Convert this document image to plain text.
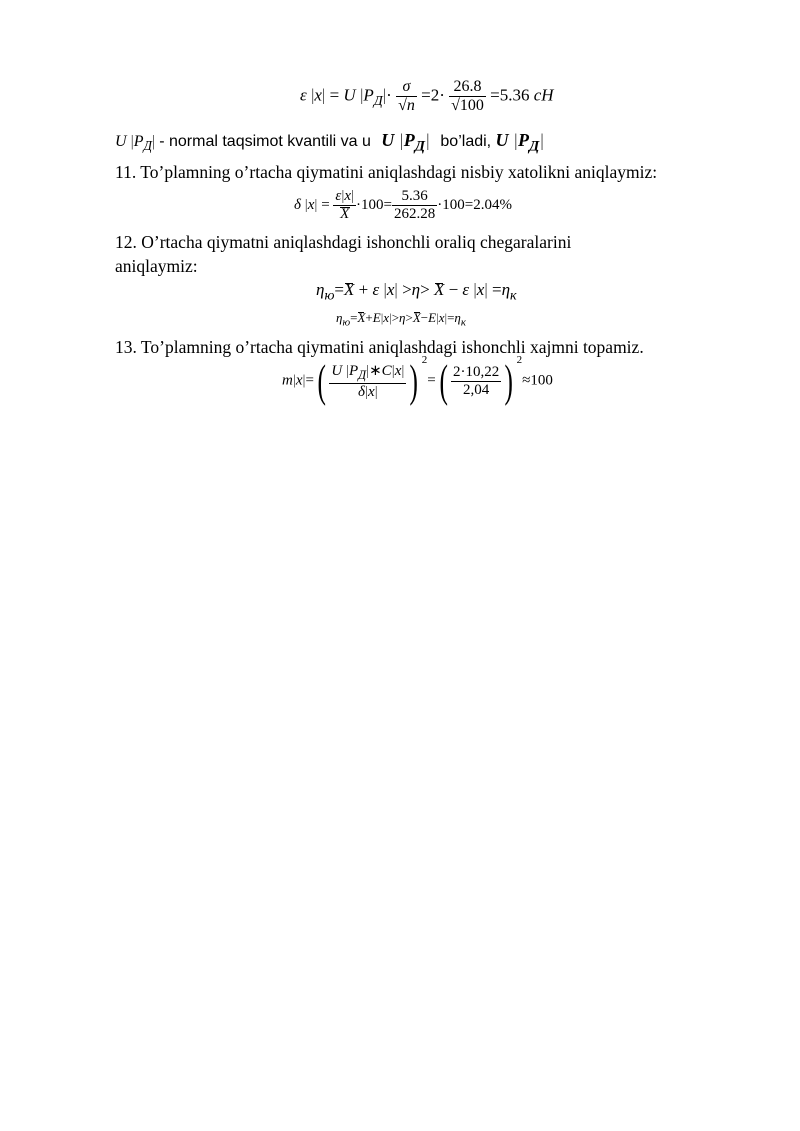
ε |x| = U $|P_Д|\cdot \frac{\sigma}{√n} =2\cdot \frac{26.8}{√100} =5.36$ cH
U $|P_Д|$ - normal taqsimot kvantili va u U $|P_Д|$ bo’ladi, U $|P_Д|$
11. To’plamning o’rtacha qiymatini aniqlashdagi nisbiy xatolikni aniqlaymiz:
δ $|x| = \frac{\varepsilon|x|}{X} \cdot 100= \frac{5.36}{262.28} \cdot 100=2.04\%$
12. O’rtacha qiymatni aniqlashdagi ishonchli oraliq chegaralarini
aniqlaymiz:
$\eta_ю=$
X + ε |x| >η> X − ε $|x| =\eta_к$
$\eta_ю=$
X+E|x|>η>
$X-E|x|=\eta_к$
13. To’plamning o’rtacha qiymatini aniqlashdagi ishonchli xajmni topamiz.
$m|x|=( \frac{U |P_Д|∗C|x|}{\delta|x|}$ ) $^2=( \frac{2\cdot 10,22}{2,04}$ ) $^2$≈100
